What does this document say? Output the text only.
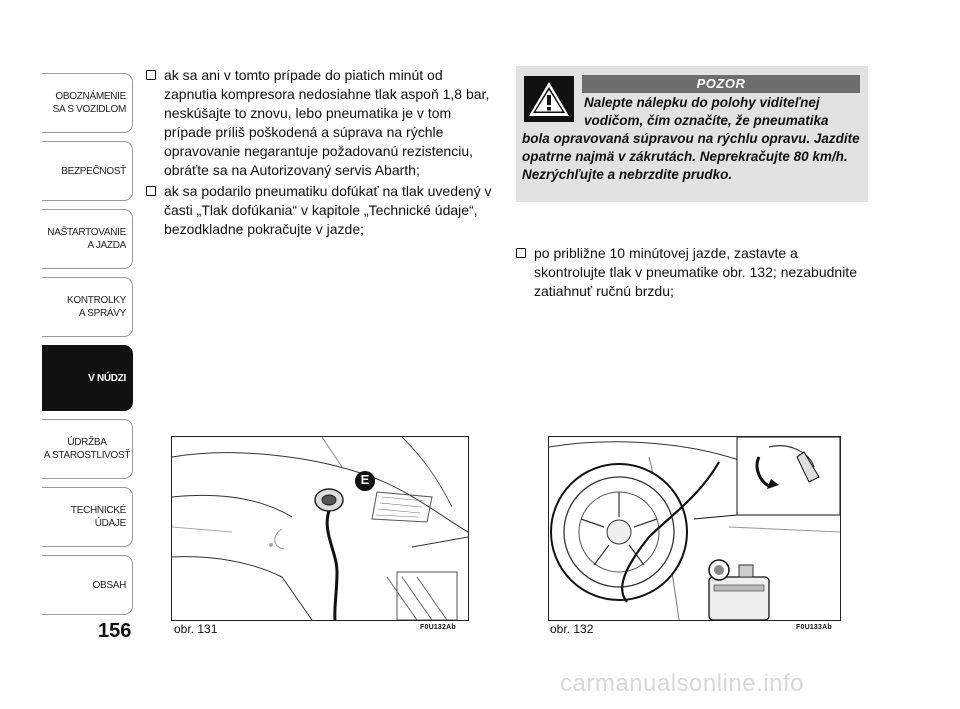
OBOZNÁMENIE
SA S VOZIDLOM
BEZPEČNOSŤ
NAŠTARTOVANIE
A JAZDA
KONTROLKY
A SPRÁVY
V NÚDZI
ÚDRŽBA
A STAROSTLIVOSŤ
TECHNICKÉ
ÚDAJE
OBSAH
156
ak sa ani v tomto prípade do piatich minút od zapnutia kompresora nedosiahne tlak aspoň 1,8 bar, neskúšajte to znovu, lebo pneumatika je v tom prípade príliš poškodená a súprava na rýchle opravovanie negarantuje požadovanú rezistenciu, obráťte sa na Autorizovaný servis Abarth;
ak sa podarilo pneumatiku dofúkať na tlak uvedený v časti „Tlak dofúkania“ v kapitole „Technické údaje“, bezodkladne pokračujte v jazde;
POZOR
Nalepte nálepku do polohy viditeľnej
vodičom, čím označíte, že pneumatika
bola opravovaná súpravou na rýchlu opravu. Jazdite opatrne najmä v zákrutách. Neprekračujte 80 km/h. Nezrýchľujte a nebrzdite prudko.
po približne 10 minútovej jazde, zastavte a skontrolujte tlak v pneumatike obr. 132; nezabudnite zatiahnuť ručnú brzdu;
E
obr. 131	F0U132Ab	obr. 132	F0U133Ab
carmanualsonline.info
